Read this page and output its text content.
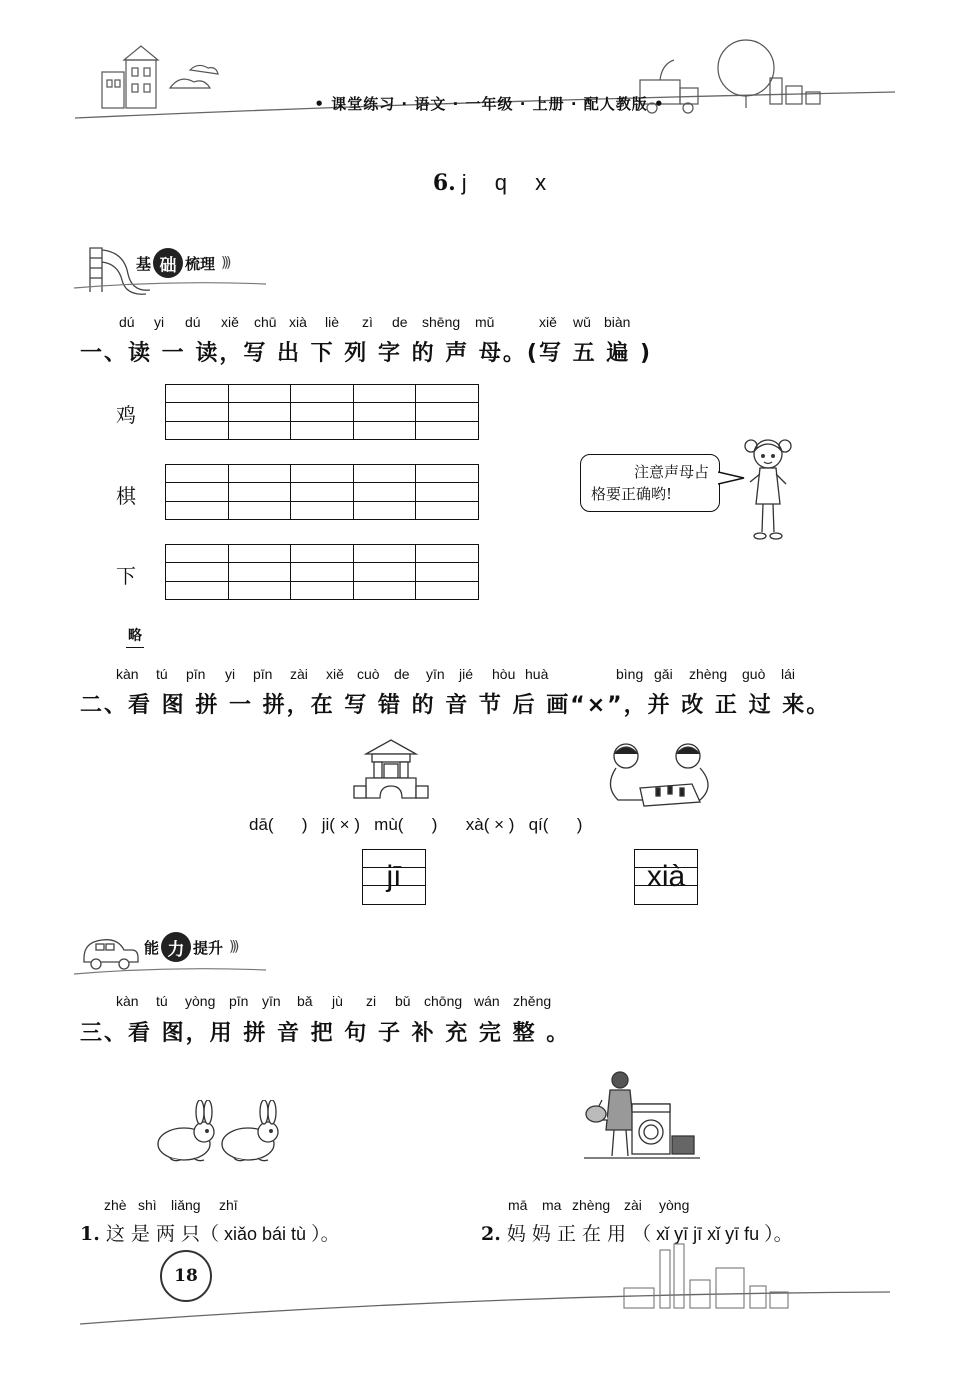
• 课堂练习 · 语文 · 一年级 · 上册 · 配人教版 •
6. j q x
基 础 梳理 )))
dú yi dú xiě chū xià liè zì de shēng mǔ	xiě wǔ biàn
一、读 一 读，写 出 下 列 字 的 声 母。(写 五 遍 )
鸡
棋
下
注意声母占
格要正确哟!
略
kàn tú pīn yi pīn zài xiě cuò de yīn jié hòu huà	bìng gǎi zhèng guò lái
二、看 图 拼 一 拼，在 写 错 的 音 节 后 画“×”，并 改 正 过 来。
dā(      )   ji( × )   mù(      )      xà( × )   qí(      )
jī	xià
能 力 提升 )))
kàn tú yòng pīn yīn bǎ jù zi bǔ chōng wán zhěng
三、看 图，用 拼 音 把 句 子 补 充 完 整 。
zhè shì liǎng zhī
1. 这 是 两 只（ xiǎo bái tù ）。
mā ma zhèng zài yòng
2. 妈 妈 正 在 用 （ xǐ yī jī xǐ yī fu ）。
18
